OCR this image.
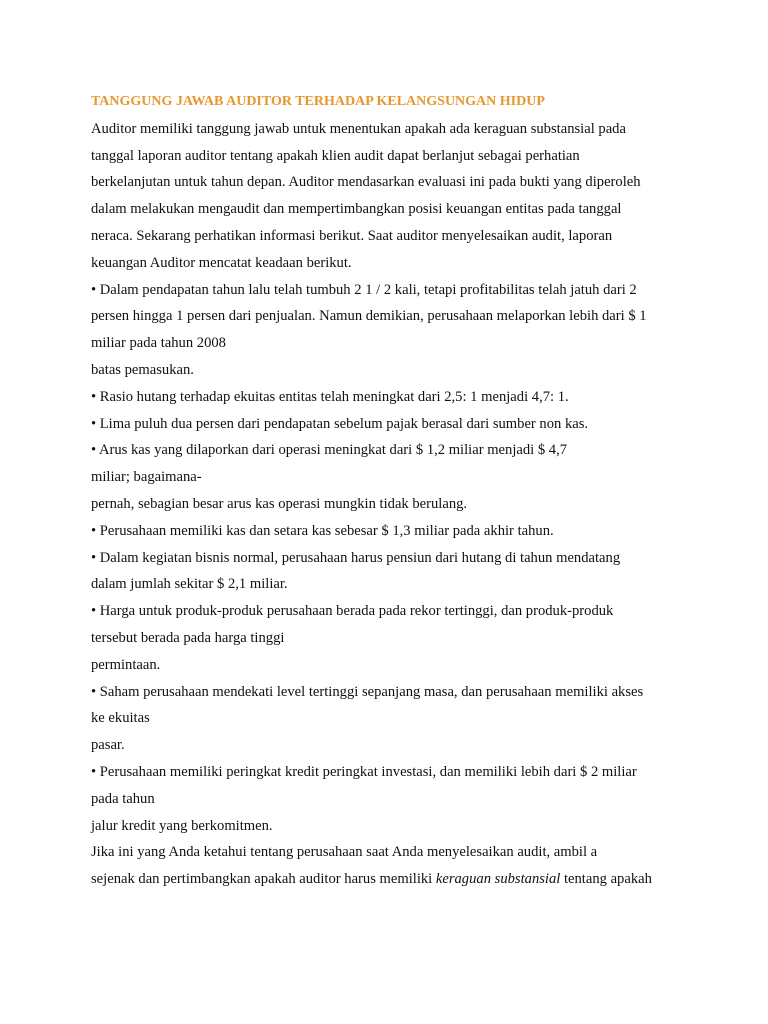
TANGGUNG JAWAB AUDITOR TERHADAP KELANGSUNGAN HIDUP

Auditor memiliki tanggung jawab untuk menentukan apakah ada keraguan substansial pada

tanggal laporan auditor tentang apakah klien audit dapat berlanjut sebagai perhatian

berkelanjutan untuk tahun depan. Auditor mendasarkan evaluasi ini pada bukti yang diperoleh

dalam melakukan mengaudit dan mempertimbangkan posisi keuangan entitas pada tanggal

neraca. Sekarang perhatikan informasi berikut. Saat auditor menyelesaikan audit, laporan

keuangan Auditor mencatat keadaan berikut.

• Dalam pendapatan tahun lalu telah tumbuh 2 1 / 2 kali, tetapi profitabilitas telah jatuh dari 2

persen hingga 1 persen dari penjualan. Namun demikian, perusahaan melaporkan lebih dari $ 1

miliar pada tahun 2008

batas pemasukan.

• Rasio hutang terhadap ekuitas entitas telah meningkat dari 2,5: 1 menjadi 4,7: 1.

• Lima puluh dua persen dari pendapatan sebelum pajak berasal dari sumber non kas.

• Arus kas yang dilaporkan dari operasi meningkat dari $ 1,2 miliar menjadi $ 4,7

miliar; bagaimana-

pernah, sebagian besar arus kas operasi mungkin tidak berulang.

• Perusahaan memiliki kas dan setara kas sebesar $ 1,3 miliar pada akhir tahun.

• Dalam kegiatan bisnis normal, perusahaan harus pensiun dari hutang di tahun mendatang

dalam jumlah sekitar $ 2,1 miliar.

• Harga untuk produk-produk perusahaan berada pada rekor tertinggi, dan produk-produk

tersebut berada pada harga tinggi

permintaan.

• Saham perusahaan mendekati level tertinggi sepanjang masa, dan perusahaan memiliki akses

ke ekuitas

pasar.

• Perusahaan memiliki peringkat kredit peringkat investasi, dan memiliki lebih dari $ 2 miliar

pada tahun

jalur kredit yang berkomitmen.

Jika ini yang Anda ketahui tentang perusahaan saat Anda menyelesaikan audit, ambil a

sejenak dan pertimbangkan apakah auditor harus memiliki keraguan substansial tentang apakah
